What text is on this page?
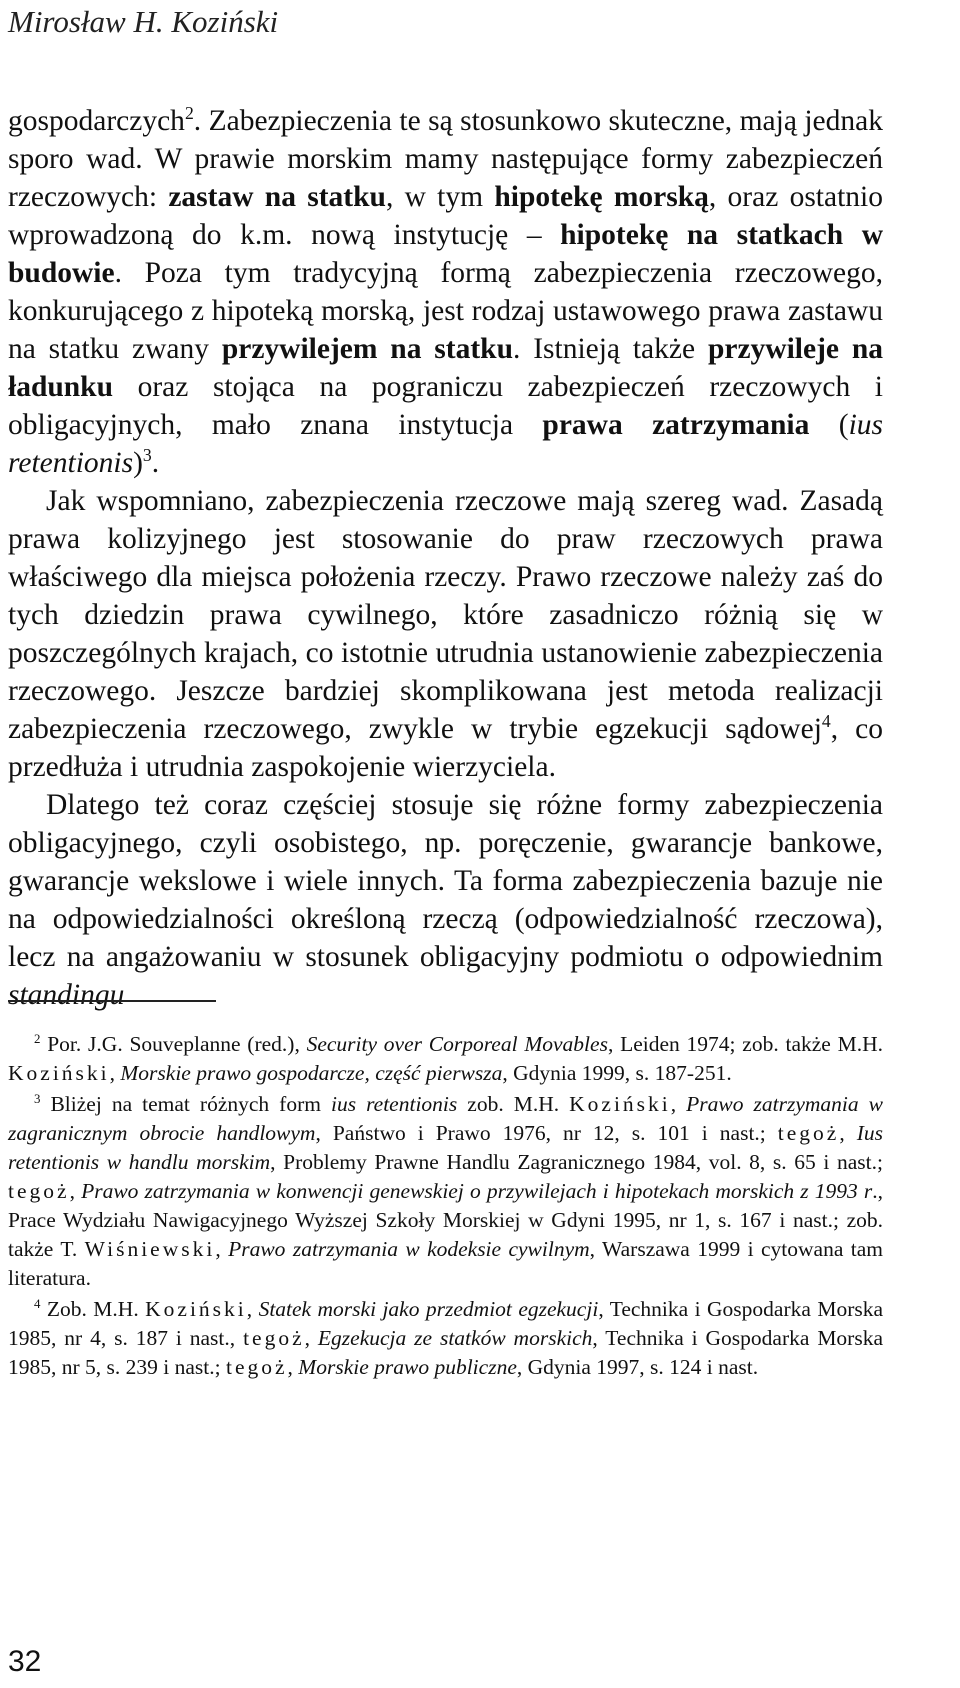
Mirosław H. Koziński

gospodarczych$^2$. Zabezpieczenia te są stosunkowo skuteczne, mają jednak sporo wad. W prawie morskim mamy następujące formy zabezpieczeń rzeczowych: zastaw na statku, w tym hipotekę morską, oraz ostatnio wprowadzoną do k.m. nową instytucję – hipotekę na statkach w budowie. Poza tym tradycyjną formą zabezpieczenia rzeczowego, konkurującego z hipoteką morską, jest rodzaj ustawowego prawa zastawu na statku zwany przywilejem na statku. Istnieją także przywileje na ładunku oraz stojąca na pograniczu zabezpieczeń rzeczowych i obligacyjnych, mało znana instytucja prawa zatrzymania (ius retentionis)$^3$.

Jak wspomniano, zabezpieczenia rzeczowe mają szereg wad. Zasadą prawa kolizyjnego jest stosowanie do praw rzeczowych prawa właściwego dla miejsca położenia rzeczy. Prawo rzeczowe należy zaś do tych dziedzin prawa cywilnego, które zasadniczo różnią się w poszczególnych krajach, co istotnie utrudnia ustanowienie zabezpieczenia rzeczowego. Jeszcze bardziej skomplikowana jest metoda realizacji zabezpieczenia rzeczowego, zwykle w trybie egzekucji sądowej$^4$, co przedłuża i utrudnia zaspokojenie wierzyciela.

Dlatego też coraz częściej stosuje się różne formy zabezpieczenia obligacyjnego, czyli osobistego, np. poręczenie, gwarancje bankowe, gwarancje wekslowe i wiele innych. Ta forma zabezpieczenia bazuje nie na odpowiedzialności określoną rzeczą (odpowiedzialność rzeczowa), lecz na angażowaniu w stosunek obligacyjny podmiotu o odpowiednim standingu

$^2$ Por. J.G. Souveplanne (red.), Security over Corporeal Movables, Leiden 1974; zob. także M.H. Koziński, Morskie prawo gospodarcze, część pierwsza, Gdynia 1999, s. 187-251.

$^3$ Bliżej na temat różnych form ius retentionis zob. M.H. Koziński, Prawo zatrzymania w zagranicznym obrocie handlowym, Państwo i Prawo 1976, nr 12, s. 101 i nast.; tegoż, Ius retentionis w handlu morskim, Problemy Prawne Handlu Zagranicznego 1984, vol. 8, s. 65 i nast.; tegoż, Prawo zatrzymania w konwencji genewskiej o przywilejach i hipotekach morskich z 1993 r., Prace Wydziału Nawigacyjnego Wyższej Szkoły Morskiej w Gdyni 1995, nr 1, s. 167 i nast.; zob. także T. Wiśniewski, Prawo zatrzymania w kodeksie cywilnym, Warszawa 1999 i cytowana tam literatura.

$^4$ Zob. M.H. Koziński, Statek morski jako przedmiot egzekucji, Technika i Gospodarka Morska 1985, nr 4, s. 187 i nast., tegoż, Egzekucja ze statków morskich, Technika i Gospodarka Morska 1985, nr 5, s. 239 i nast.; tegoż, Morskie prawo publiczne, Gdynia 1997, s. 124 i nast.

32
